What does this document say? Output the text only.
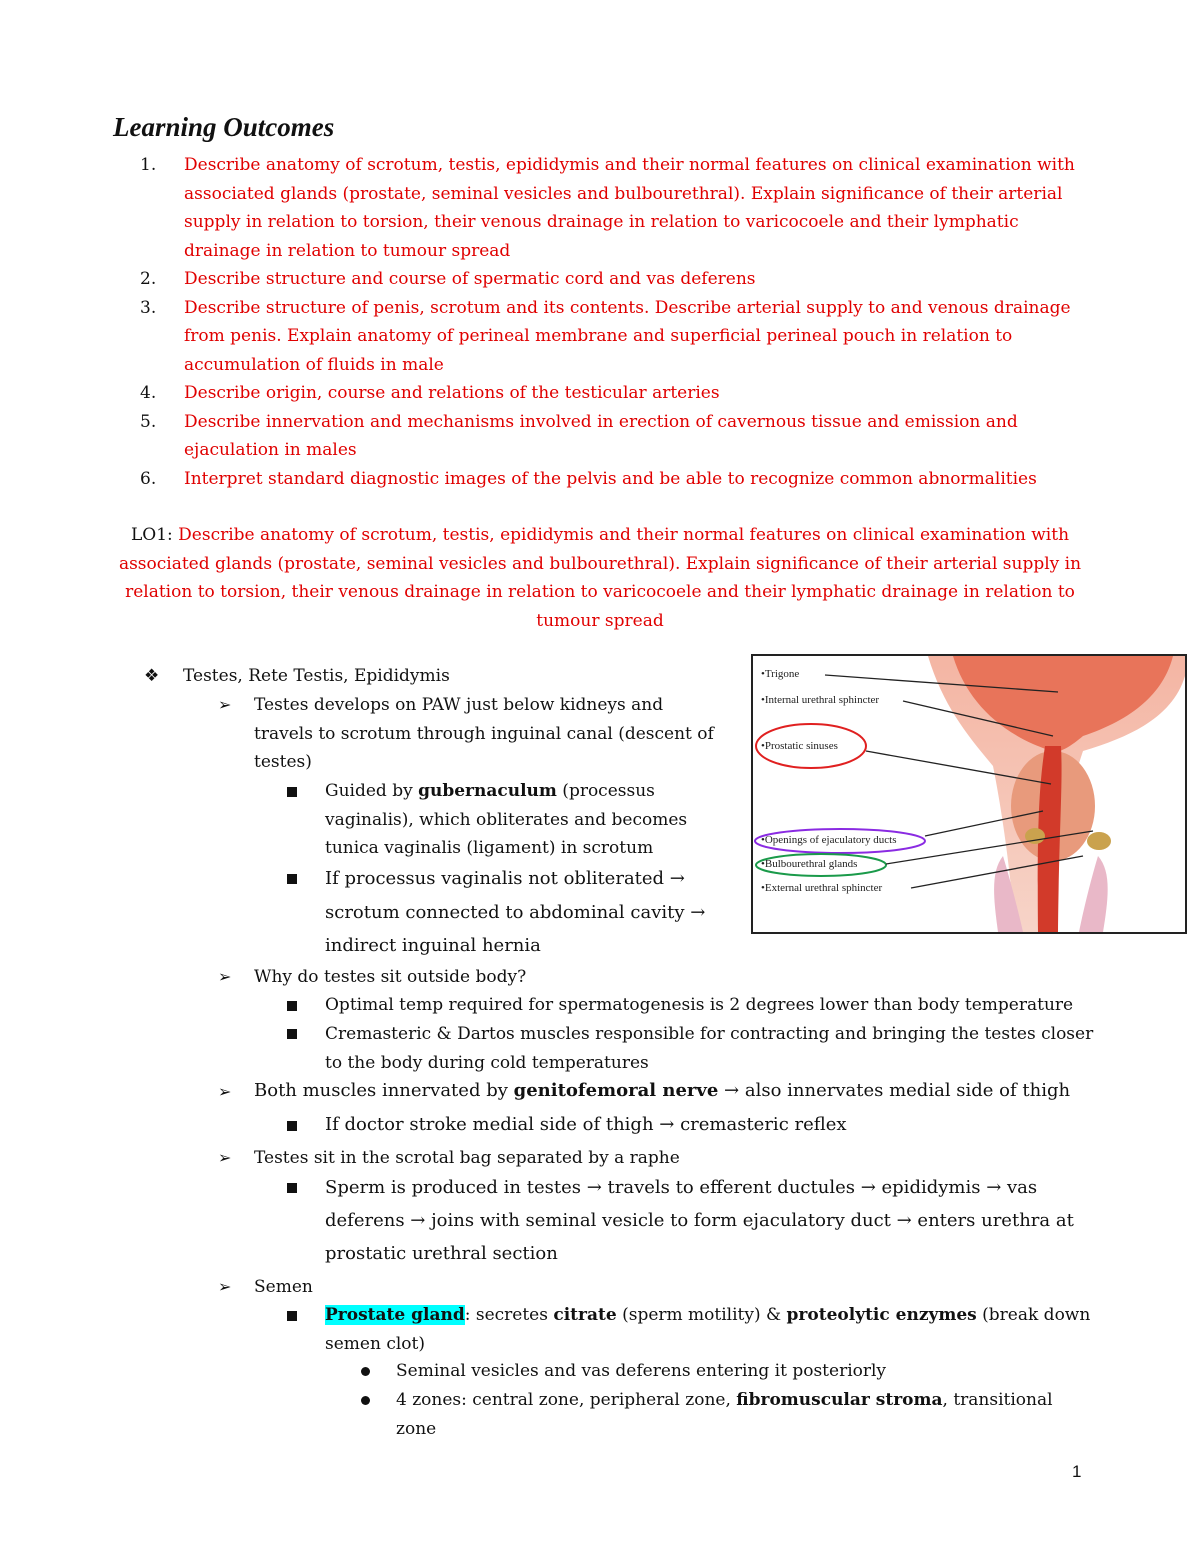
Learning Outcomes
1. Describe anatomy of scrotum, testis, epididymis and their normal features on clinical examination with
associated glands (prostate, seminal vesicles and bulbourethral). Explain significance of their arterial
supply in relation to torsion, their venous drainage in relation to varicocoele and their lymphatic
drainage in relation to tumour spread
2. Describe structure and course of spermatic cord and vas deferens
3. Describe structure of penis, scrotum and its contents. Describe arterial supply to and venous drainage
from penis. Explain anatomy of perineal membrane and superficial perineal pouch in relation to
accumulation of fluids in male
4. Describe origin, course and relations of the testicular arteries
5. Describe innervation and mechanisms involved in erection of cavernous tissue and emission and
ejaculation in males
6. Interpret standard diagnostic images of the pelvis and be able to recognize common abnormalities
LO1: Describe anatomy of scrotum, testis, epididymis and their normal features on clinical examination with
associated glands (prostate, seminal vesicles and bulbourethral). Explain significance of their arterial supply in
relation to torsion, their venous drainage in relation to varicocoele and their lymphatic drainage in relation to
tumour spread
❖ Testes, Rete Testis, Epididymis
➢ Testes develops on PAW just below kidneys and
travels to scrotum through inguinal canal (descent of
testes)
Guided by gubernaculum (processus
vaginalis), which obliterates and becomes
tunica vaginalis (ligament) in scrotum
If processus vaginalis not obliterated →
scrotum connected to abdominal cavity →
indirect inguinal hernia
➢ Why do testes sit outside body?
Optimal temp required for spermatogenesis is 2 degrees lower than body temperature
Cremasteric & Dartos muscles responsible for contracting and bringing the testes closer
to the body during cold temperatures
➢ Both muscles innervated by genitofemoral nerve → also innervates medial side of thigh
If doctor stroke medial side of thigh → cremasteric reflex
➢ Testes sit in the scrotal bag separated by a raphe
Sperm is produced in testes → travels to efferent ductules → epididymis → vas
deferens → joins with seminal vesicle to form ejaculatory duct → enters urethra at
prostatic urethral section
➢ Semen
Prostate gland: secretes citrate (sperm motility) & proteolytic enzymes (break down
semen clot)
Seminal vesicles and vas deferens entering it posteriorly
4 zones: central zone, peripheral zone, fibromuscular stroma, transitional
zone
•Trigone
•Internal urethral sphincter
•Prostatic sinuses
•Openings of ejaculatory ducts
•Bulbourethral glands
•External urethral sphincter
1
